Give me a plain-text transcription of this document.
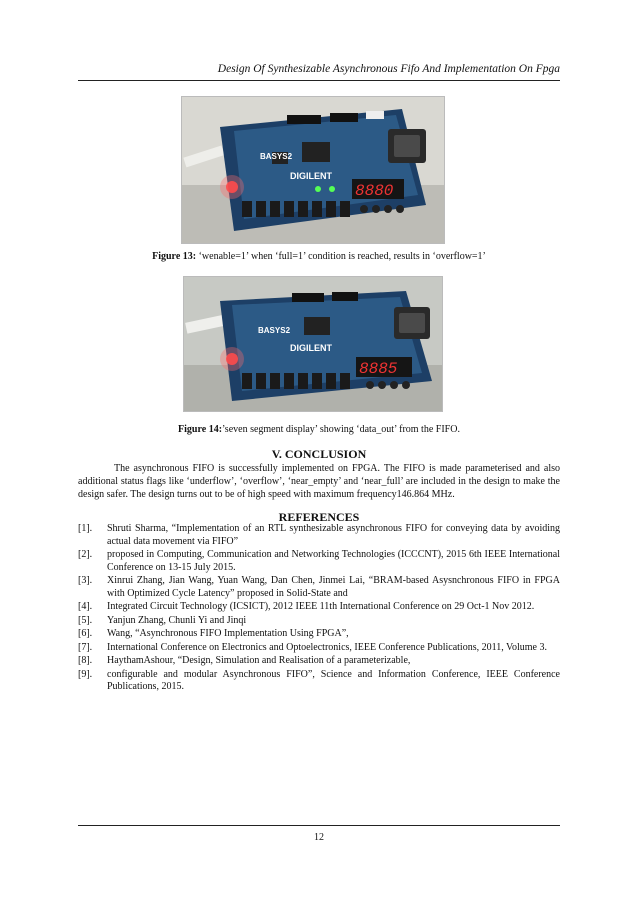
Design Of Synthesizable Asynchronous Fifo And Implementation On Fpga
BASYS2
DIGILENT
8880
Figure 13: ‘wenable=1’ when ‘full=1’ condition is reached, results in ‘overflow=1’
BASYS2
DIGILENT
8885
Figure 14:’seven segment display’ showing ‘data_out’ from the FIFO.
V. CONCLUSION
The asynchronous FIFO is successfully implemented on FPGA. The FIFO is made parameterised and also additional status flags like ‘underflow’, ‘overflow’, ‘near_empty’ and ‘near_full’ are included in the design to make the design safer. The design turns out to be of high speed with maximum frequency146.864 MHz.
REFERENCES
[1].	Shruti Sharma, “Implementation of an RTL synthesizable asynchronous FIFO for conveying data by avoiding actual data movement via FIFO”
[2].	proposed in Computing, Communication and Networking Technologies (ICCCNT), 2015 6th IEEE International Conference on 13-15 July 2015.
[3].	Xinrui Zhang, Jian Wang, Yuan Wang, Dan Chen, Jinmei Lai, “BRAM-based Asysnchronous FIFO in FPGA with Optimized Cycle Latency” proposed in Solid-State and
[4].	Integrated Circuit Technology (ICSICT), 2012 IEEE 11th International Conference on 29 Oct-1 Nov 2012.
[5].	Yanjun Zhang, Chunli Yi and Jinqi
[6].	Wang, “Asynchronous FIFO Implementation Using FPGA”,
[7].	International Conference on Electronics and Optoelectronics, IEEE Conference Publications, 2011, Volume 3.
[8].	HaythamAshour, “Design, Simulation and Realisation of a parameterizable,
[9].	configurable and modular Asynchronous FIFO”, Science and Information Conference, IEEE Conference Publications, 2015.
12
